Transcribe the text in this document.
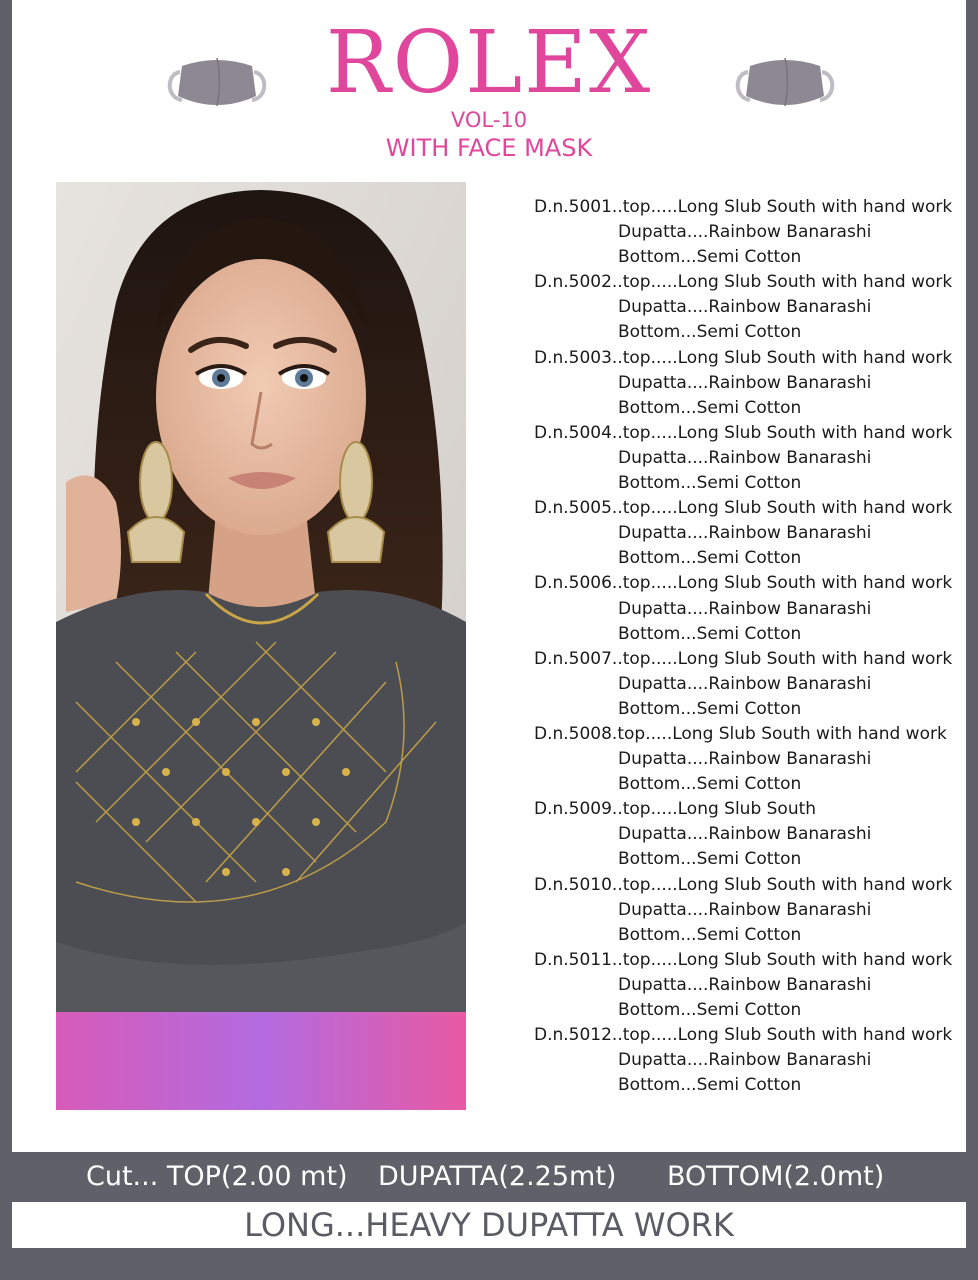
ROLEX
VOL-10
WITH FACE MASK
D.n.5001..top.....Long Slub South with hand work
Dupatta....Rainbow Banarashi
Bottom...Semi Cotton
D.n.5002..top.....Long Slub South with hand work
Dupatta....Rainbow Banarashi
Bottom...Semi Cotton
D.n.5003..top.....Long Slub South with hand work
Dupatta....Rainbow Banarashi
Bottom...Semi Cotton
D.n.5004..top.....Long Slub South with hand work
Dupatta....Rainbow Banarashi
Bottom...Semi Cotton
D.n.5005..top.....Long Slub South with hand work
Dupatta....Rainbow Banarashi
Bottom...Semi Cotton
D.n.5006..top.....Long Slub South with hand work
Dupatta....Rainbow Banarashi
Bottom...Semi Cotton
D.n.5007..top.....Long Slub South with hand work
Dupatta....Rainbow Banarashi
Bottom...Semi Cotton
D.n.5008.top.....Long Slub South with hand work
Dupatta....Rainbow Banarashi
Bottom...Semi Cotton
D.n.5009..top.....Long Slub South
Dupatta....Rainbow Banarashi
Bottom...Semi Cotton
D.n.5010..top.....Long Slub South with hand work
Dupatta....Rainbow Banarashi
Bottom...Semi Cotton
D.n.5011..top.....Long Slub South with hand work
Dupatta....Rainbow Banarashi
Bottom...Semi Cotton
D.n.5012..top.....Long Slub South with hand work
Dupatta....Rainbow Banarashi
Bottom...Semi Cotton
Cut... TOP(2.00 mt) DUPATTA(2.25mt) BOTTOM(2.0mt)
LONG...HEAVY DUPATTA WORK
